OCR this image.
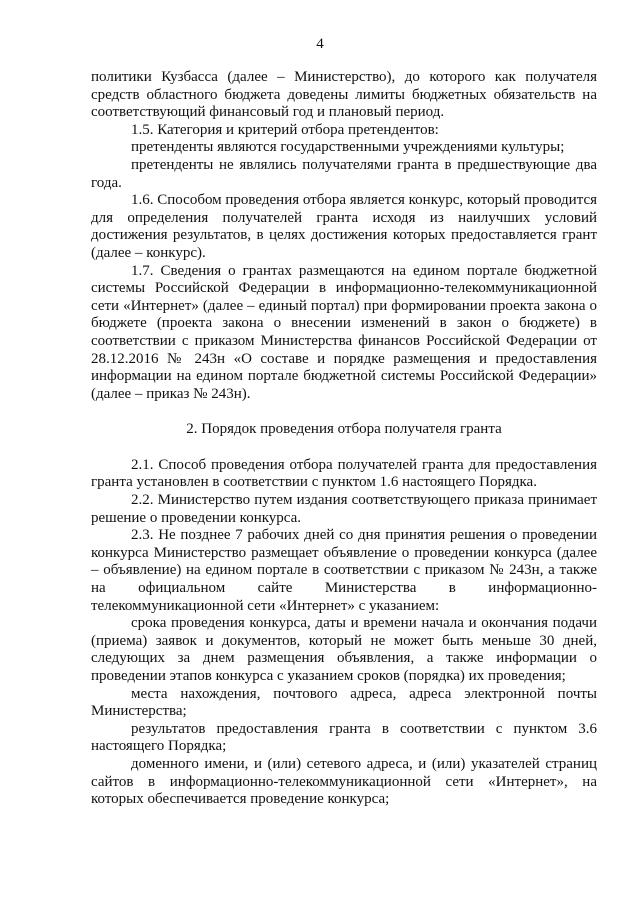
4

политики Кузбасса (далее – Министерство), до которого как получателя средств областного бюджета доведены лимиты бюджетных обязательств на соответствующий финансовый год и плановый период.

1.5. Категория и критерий отбора претендентов:

претенденты являются государственными учреждениями культуры;

претенденты не являлись получателями гранта в предшествующие два года.

1.6. Способом проведения отбора является конкурс, который проводится для определения получателей гранта исходя из наилучших условий достижения результатов, в целях достижения которых предоставляется грант (далее – конкурс).

1.7. Сведения о грантах размещаются на едином портале бюджетной системы Российской Федерации в информационно-телекоммуникационной сети «Интернет» (далее – единый портал) при формировании проекта закона о бюджете (проекта закона о внесении изменений в закон о бюджете) в соответствии с приказом Министерства финансов Российской Федерации от 28.12.2016 № 243н «О составе и порядке размещения и предоставления информации на едином портале бюджетной системы Российской Федерации» (далее – приказ № 243н).

2. Порядок проведения отбора получателя гранта

2.1. Способ проведения отбора получателей гранта для предоставления гранта установлен в соответствии с пунктом 1.6 настоящего Порядка.

2.2. Министерство путем издания соответствующего приказа принимает решение о проведении конкурса.

2.3. Не позднее 7 рабочих дней со дня принятия решения о проведении конкурса Министерство размещает объявление о проведении конкурса (далее – объявление) на едином портале в соответствии с приказом № 243н, а также на официальном сайте Министерства в информационно-телекоммуникационной сети «Интернет» с указанием:

срока проведения конкурса, даты и времени начала и окончания подачи (приема) заявок и документов, который не может быть меньше 30 дней, следующих за днем размещения объявления, а также информации о проведении этапов конкурса с указанием сроков (порядка) их проведения;

места нахождения, почтового адреса, адреса электронной почты Министерства;

результатов предоставления гранта в соответствии с пунктом 3.6 настоящего Порядка;

доменного имени, и (или) сетевого адреса, и (или) указателей страниц сайтов в информационно-телекоммуникационной сети «Интернет», на которых обеспечивается проведение конкурса;
